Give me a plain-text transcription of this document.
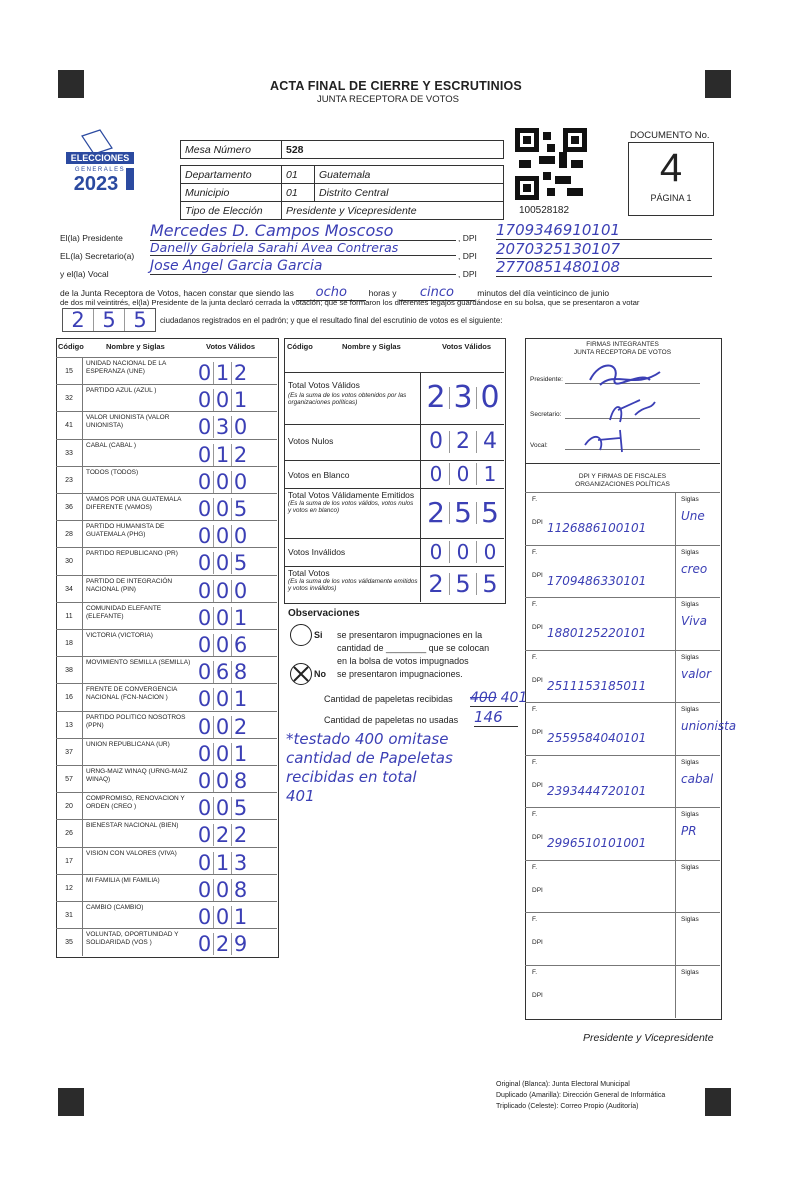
ACTA FINAL DE CIERRE Y ESCRUTINIOS
JUNTA RECEPTORA DE VOTOS
ELECCIONES
GENERALES
2023
Mesa Número	528	

Departamento	01	Guatemala
Municipio	01	Distrito Central
Tipo de Elección	Presidente y Vicepresidente		100528182
DOCUMENTO No.
4
PÁGINA 1
El(la) Presidente Mercedes D. Campos Moscoso	, DPI 1709346910101
EL(la) Secretario(a)
Danelly Gabriela Sarahi Avea Contreras
, DPI 2070325130107
y el(la) Vocal	Jose Angel Garcia Garcia	, DPI 2770851480108
de la Junta Receptora de Votos, hacen constar que siendo las ocho	horas y cinco	minutos del día veinticinco de junio
de dos mil veintitrés, el(la) Presidente de la junta declaró cerrada la votación; que se formaron los diferentes legajos guardándose en su bolsa, que se presentaron a votar
2 5 5	ciudadanos registrados en el padrón; y que el resultado final del escrutinio de votos es el siguiente:
Código	Nombre y Siglas	Votos Válidos
15
UNIDAD NACIONAL DE LA ESPERANZA (UNE)	0 1 2
32
PARTIDO AZUL (AZUL )	0 0 1
41
VALOR UNIONISTA (VALOR UNIONISTA)	0 3 0
33
CABAL (CABAL )	0 1 2
23
TODOS (TODOS)	0 0 0
36
VAMOS POR UNA GUATEMALA DIFERENTE (VAMOS)	0 0 5
28
PARTIDO HUMANISTA DE GUATEMALA (PHG)	0 0 0
30
PARTIDO REPUBLICANO (PR) 0 0 5
34
PARTIDO DE INTEGRACIÓN NACIONAL (PIN)	0 0 0
11
COMUNIDAD ELEFANTE (ELEFANTE)	0 0 1
18
VICTORIA (VICTORIA)	0 0 6
38
MOVIMIENTO SEMILLA (SEMILLA) 0 6 8
16
FRENTE DE CONVERGENCIA NACIONAL (FCN-NACION )	0 0 1
13
PARTIDO POLITICO NOSOTROS (PPN)	0 0 2
37
UNION REPUBLICANA (UR)	0 0 1
57
URNG-MAIZ WINAQ (URNG-MAIZ WINAQ)	0 0 8
20
COMPROMISO, RENOVACION Y ORDEN (CREO )	0 0 5
26
BIENESTAR NACIONAL (BIEN) 0 2 2
17
VISION CON VALORES (VIVA)	0 1 3
12
MI FAMILIA (MI FAMILIA)	0 0 8
31
CAMBIO (CAMBIO)	0 0 1
35
VOLUNTAD, OPORTUNIDAD Y SOLIDARIDAD (VOS )	0 2 9
Código	Nombre y Siglas	Votos Válidos
Total Votos Válidos
(Es la suma de los votos obtenidos por las organizaciones políticas)	2 3 0
Votos Nulos	0 2 4
Votos en Blanco	0 0 1
Total Votos Válidamente Emitidos
(Es la suma de los votos válidos, votos nulos y votos en blanco)	2 5 5
Votos Inválidos	0 0 0
Total Votos
(Es la suma de los votos válidamente emitidos y votos inválidos)	2 5 5
Observaciones
Si se presentaron impugnaciones en la
cantidad de ________ que se colocan
en la bolsa de votos impugnados
No se presentaron impugnaciones.
Cantidad de papeletas recibidas 400 401
Cantidad de papeletas no usadas 146
*testado 400 omitase
cantidad de Papeletas
recibidas en total
401
FIRMAS INTEGRANTES
JUNTA RECEPTORA DE VOTOS
Presidente:
Secretario:
Vocal:
DPI Y FIRMAS DE FISCALES
ORGANIZACIONES POLÍTICAS
F.
DPI 1126886100101
Siglas
Une
F.
DPI 1709486330101
Siglas
creo
F.
DPI 1880125220101
Siglas
Viva
F.
DPI 2511153185011
Siglas
valor
F.
DPI 2559584040101
Siglas
unionista
F.
DPI 2393444720101
Siglas
cabal
F.
DPI 2996510101001
Siglas
PR
F.
DPI
Siglas
F.
DPI
Siglas
F.
DPI
Siglas
Presidente y Vicepresidente
Original (Blanca): Junta Electoral Municipal
Duplicado (Amarilla): Dirección General de Informática
Triplicado (Celeste): Correo Propio (Auditoría)
